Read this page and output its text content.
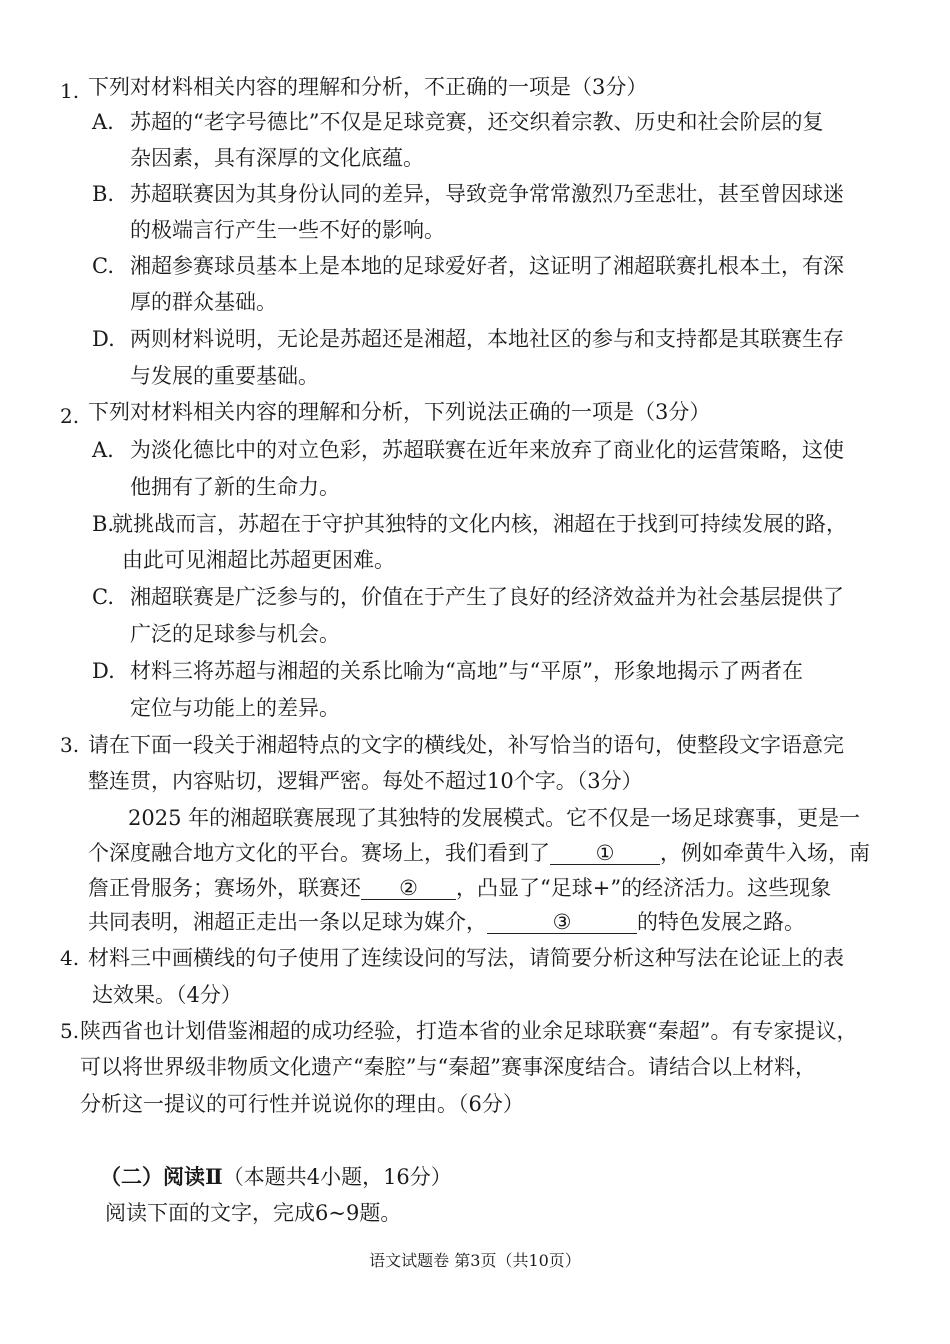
1. 下列对材料相关内容的理解和分析，不正确的一项是（3分）
A. 苏超的“老字号德比”不仅是足球竞赛，还交织着宗教、历史和社会阶层的复
杂因素，具有深厚的文化底蕴。
B. 苏超联赛因为其身份认同的差异，导致竞争常常激烈乃至悲壮，甚至曾因球迷
的极端言行产生一些不好的影响。
C. 湘超参赛球员基本上是本地的足球爱好者，这证明了湘超联赛扎根本土，有深
厚的群众基础。
D. 两则材料说明，无论是苏超还是湘超，本地社区的参与和支持都是其联赛生存
与发展的重要基础。
2. 下列对材料相关内容的理解和分析，下列说法正确的一项是（3分）
A. 为淡化德比中的对立色彩，苏超联赛在近年来放弃了商业化的运营策略，这使
他拥有了新的生命力。
B.
就挑战而言，苏超在于守护其独特的文化内核，湘超在于找到可持续发展的路，
由此可见湘超比苏超更困难。
C. 湘超联赛是广泛参与的，价值在于产生了良好的经济效益并为社会基层提供了
广泛的足球参与机会。
D. 材料三将苏超与湘超的关系比喻为“高地”与“平原”，形象地揭示了两者在
定位与功能上的差异。
3. 请在下面一段关于湘超特点的文字的横线处，补写恰当的语句，使整段文字语意完
整连贯，内容贴切，逻辑严密。每处不超过10个字。（3分）
2025 年的湘超联赛展现了其独特的发展模式。它不仅是一场足球赛事，更是一
个深度融合地方文化的平台。赛场上，我们看到了 ① ，例如牵黄牛入场，南
詹正骨服务；赛场外，联赛还 ② ，凸显了“足球+”的经济活力。这些现象
共同表明，湘超正走出一条以足球为媒介，	③	的特色发展之路。
4. 材料三中画横线的句子使用了连续设问的写法，请简要分析这种写法在论证上的表
达效果。（4分）
5. 陕西省也计划借鉴湘超的成功经验，打造本省的业余足球联赛“秦超”。有专家提议，
可以将世界级非物质文化遗产“秦腔”与“秦超”赛事深度结合。请结合以上材料，
分析这一提议的可行性并说说你的理由。（6分）
（二）阅读Ⅱ（本题共4小题，16分）
阅读下面的文字，完成6~9题。
语文试题卷 第3页（共10页）
